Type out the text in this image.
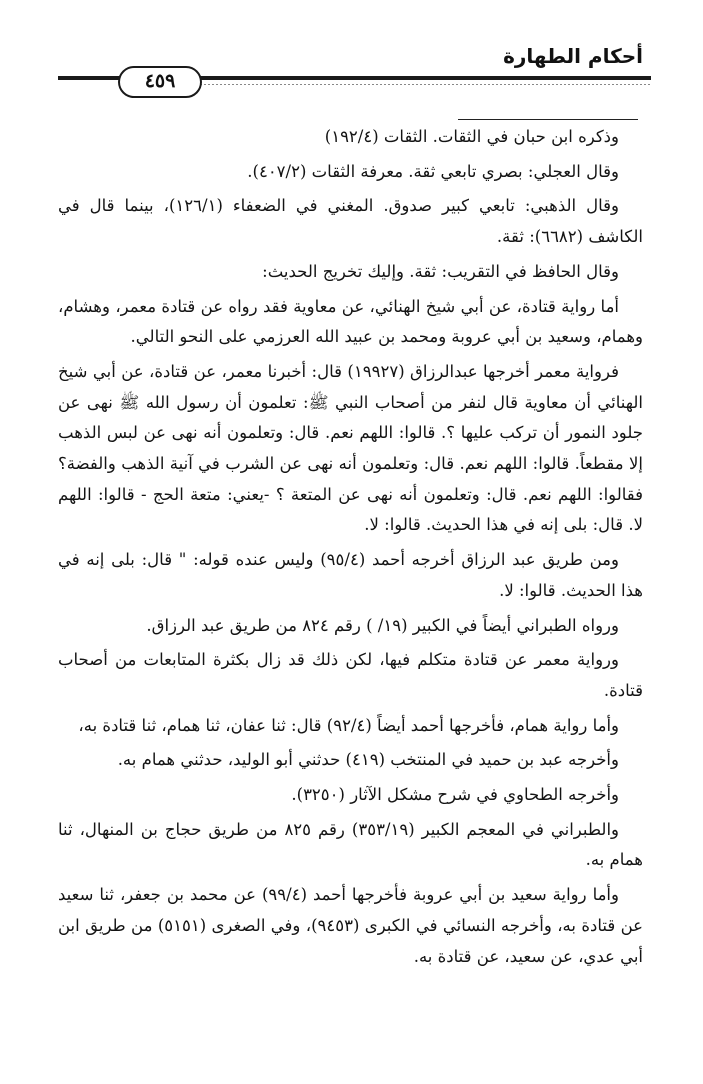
أحكام الطهارة
٤٥٩

وذكره ابن حبان في الثقات. الثقات (١٩٢/٤)

وقال العجلي: بصري تابعي ثقة. معرفة الثقات (٤٠٧/٢).

وقال الذهبي: تابعي كبير صدوق. المغني في الضعفاء (١٢٦/١)، بينما قال في الكاشف (٦٦٨٢): ثقة.

وقال الحافظ في التقريب: ثقة. وإليك تخريج الحديث:

أما رواية قتادة، عن أبي شيخ الهنائي، عن معاوية فقد رواه عن قتادة معمر، وهشام، وهمام، وسعيد بن أبي عروبة ومحمد بن عبيد الله العرزمي على النحو التالي.

فرواية معمر أخرجها عبدالرزاق (١٩٩٢٧) قال: أخبرنا معمر، عن قتادة، عن أبي شيخ الهنائي أن معاوية قال لنفر من أصحاب النبي ﷺ: تعلمون أن رسول الله ﷺ نهى عن جلود النمور أن تركب عليها ؟. قالوا: اللهم نعم. قال: وتعلمون أنه نهى عن لبس الذهب إلا مقطعاً. قالوا: اللهم نعم. قال: وتعلمون أنه نهى عن الشرب في آنية الذهب والفضة؟ فقالوا: اللهم نعم. قال: وتعلمون أنه نهى عن المتعة ؟ -يعني: متعة الحج - قالوا: اللهم لا. قال: بلى إنه في هذا الحديث. قالوا: لا.

ومن طريق عبد الرزاق أخرجه أحمد (٩٥/٤) وليس عنده قوله: " قال: بلى إنه في هذا الحديث. قالوا: لا.

ورواه الطبراني أيضاً في الكبير (١٩/ ) رقم ٨٢٤ من طريق عبد الرزاق.

ورواية معمر عن قتادة متكلم فيها، لكن ذلك قد زال بكثرة المتابعات من أصحاب قتادة.

وأما رواية همام، فأخرجها أحمد أيضاً (٩٢/٤) قال: ثنا عفان، ثنا همام، ثنا قتادة به،

وأخرجه عبد بن حميد في المنتخب (٤١٩) حدثني أبو الوليد، حدثني همام به.

وأخرجه الطحاوي في شرح مشكل الآثار (٣٢٥٠).

والطبراني في المعجم الكبير (٣٥٣/١٩) رقم ٨٢٥ من طريق حجاج بن المنهال، ثنا همام به.

وأما رواية سعيد بن أبي عروبة فأخرجها أحمد (٩٩/٤) عن محمد بن جعفر، ثنا سعيد عن قتادة به، وأخرجه النسائي في الكبرى (٩٤٥٣)، وفي الصغرى (٥١٥١) من طريق ابن أبي عدي، عن سعيد، عن قتادة به.
